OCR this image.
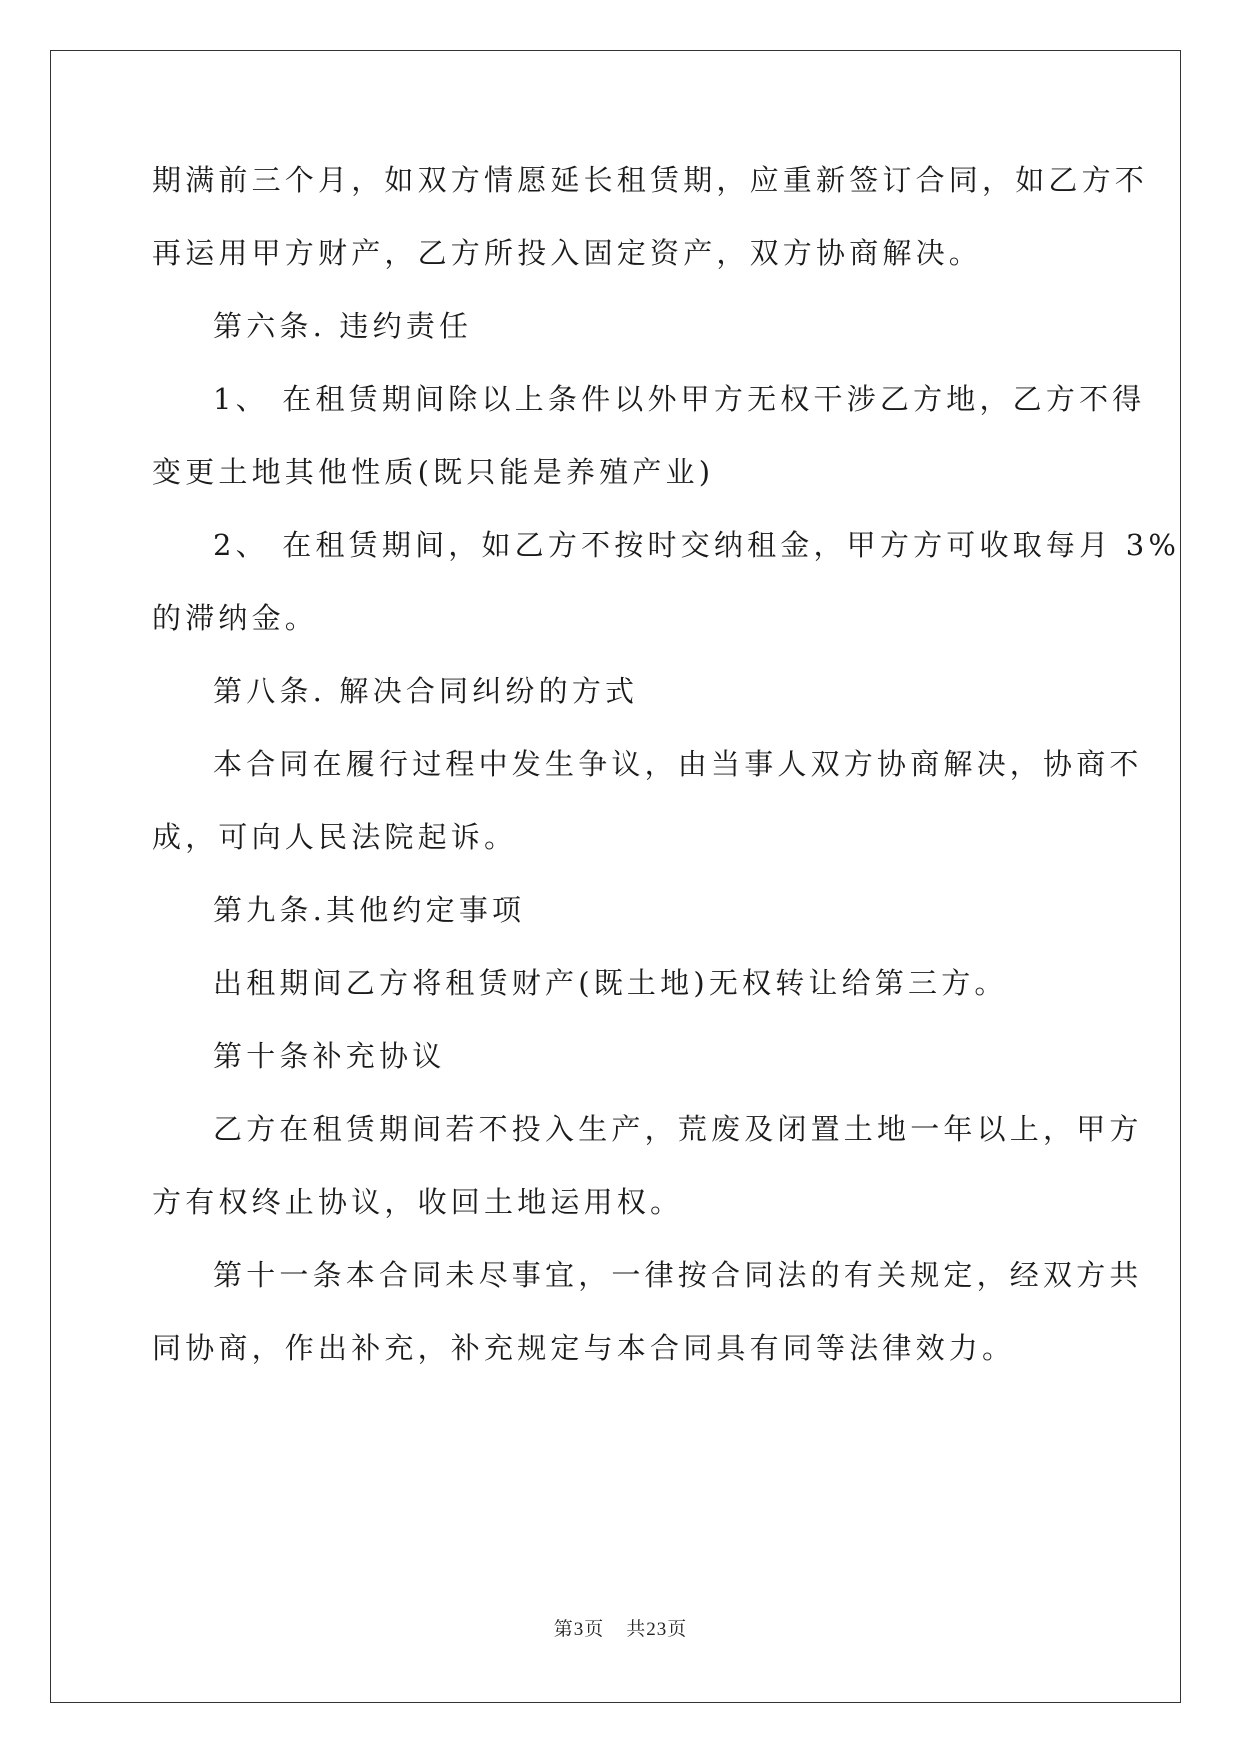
期满前三个月，如双方情愿延长租赁期，应重新签订合同，如乙方不
再运用甲方财产，乙方所投入固定资产，双方协商解决。
第六条. 违约责任
1、 在租赁期间除以上条件以外甲方无权干涉乙方地，乙方不得
变更土地其他性质(既只能是养殖产业)
2、 在租赁期间，如乙方不按时交纳租金，甲方方可收取每月 3%
的滞纳金。
第八条. 解决合同纠纷的方式
本合同在履行过程中发生争议，由当事人双方协商解决，协商不
成，可向人民法院起诉。
第九条.其他约定事项
出租期间乙方将租赁财产(既土地)无权转让给第三方。
第十条补充协议
乙方在租赁期间若不投入生产，荒废及闭置土地一年以上，甲方
方有权终止协议，收回土地运用权。
第十一条本合同未尽事宜，一律按合同法的有关规定，经双方共
同协商，作出补充，补充规定与本合同具有同等法律效力。
第3页 共23页
